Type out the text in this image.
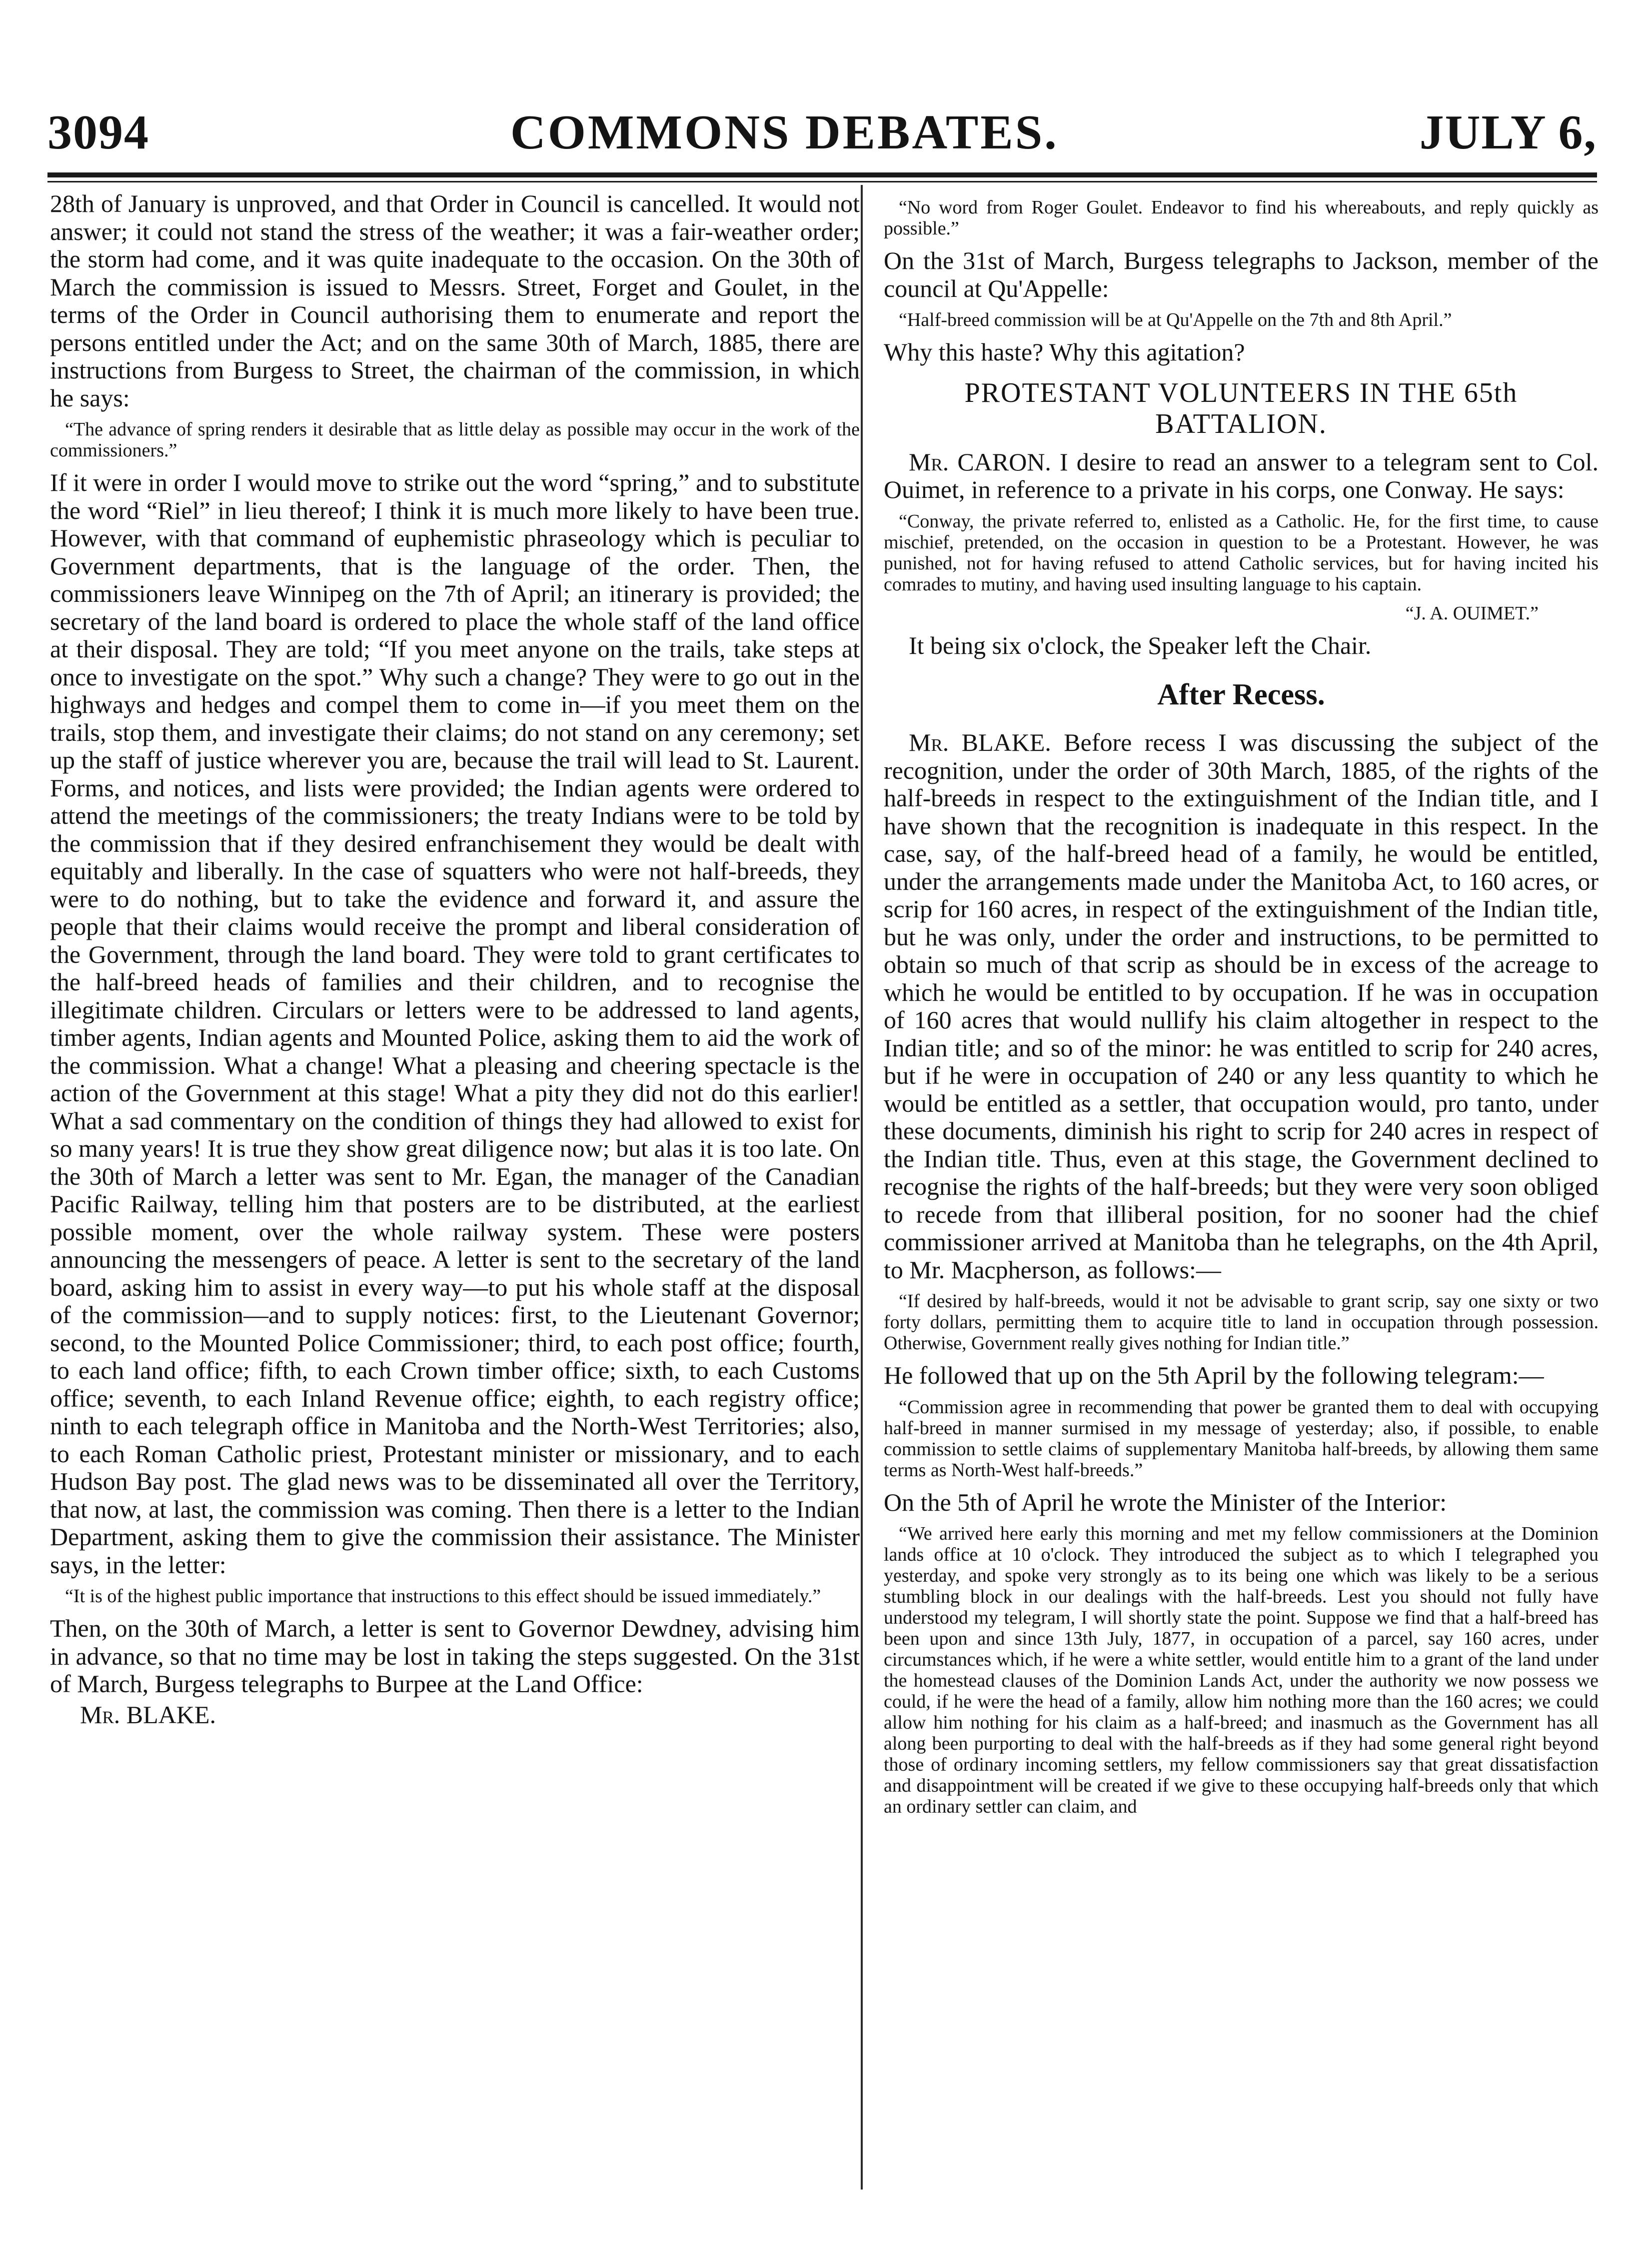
3094	COMMONS DEBATES.	JULY 6,

28th of January is unproved, and that Order in Council is cancelled. It would not answer; it could not stand the stress of the weather; it was a fair-weather order; the storm had come, and it was quite inadequate to the occasion. On the 30th of March the commission is issued to Messrs. Street, Forget and Goulet, in the terms of the Order in Council authorising them to enumerate and report the persons entitled under the Act; and on the same 30th of March, 1885, there are instructions from Burgess to Street, the chairman of the commission, in which he says:

“The advance of spring renders it desirable that as little delay as possible may occur in the work of the commissioners.”

If it were in order I would move to strike out the word “spring,” and to substitute the word “Riel” in lieu thereof; I think it is much more likely to have been true. However, with that command of euphemistic phraseology which is peculiar to Government departments, that is the language of the order. Then, the commissioners leave Winnipeg on the 7th of April; an itinerary is provided; the secretary of the land board is ordered to place the whole staff of the land office at their disposal. They are told; “If you meet anyone on the trails, take steps at once to investigate on the spot.” Why such a change? They were to go out in the highways and hedges and compel them to come in—if you meet them on the trails, stop them, and investigate their claims; do not stand on any ceremony; set up the staff of justice wherever you are, because the trail will lead to St. Laurent. Forms, and notices, and lists were provided; the Indian agents were ordered to attend the meetings of the commissioners; the treaty Indians were to be told by the commission that if they desired enfranchisement they would be dealt with equitably and liberally. In the case of squatters who were not half-breeds, they were to do nothing, but to take the evidence and forward it, and assure the people that their claims would receive the prompt and liberal consideration of the Government, through the land board. They were told to grant certificates to the half-breed heads of families and their children, and to recognise the illegitimate children. Circulars or letters were to be addressed to land agents, timber agents, Indian agents and Mounted Police, asking them to aid the work of the commission. What a change! What a pleasing and cheering spectacle is the action of the Government at this stage! What a pity they did not do this earlier! What a sad commentary on the condition of things they had allowed to exist for so many years! It is true they show great diligence now; but alas it is too late. On the 30th of March a letter was sent to Mr. Egan, the manager of the Canadian Pacific Railway, telling him that posters are to be distributed, at the earliest possible moment, over the whole railway system. These were posters announcing the messengers of peace. A letter is sent to the secretary of the land board, asking him to assist in every way—to put his whole staff at the disposal of the commission—and to supply notices: first, to the Lieutenant Governor; second, to the Mounted Police Commissioner; third, to each post office; fourth, to each land office; fifth, to each Crown timber office; sixth, to each Customs office; seventh, to each Inland Revenue office; eighth, to each registry office; ninth to each telegraph office in Manitoba and the North-West Territories; also, to each Roman Catholic priest, Protestant minister or missionary, and to each Hudson Bay post. The glad news was to be disseminated all over the Territory, that now, at last, the commission was coming. Then there is a letter to the Indian Department, asking them to give the commission their assistance. The Minister says, in the letter:

“It is of the highest public importance that instructions to this effect should be issued immediately.”

Then, on the 30th of March, a letter is sent to Governor Dewdney, advising him in advance, so that no time may be lost in taking the steps suggested. On the 31st of March, Burgess telegraphs to Burpee at the Land Office:

Mr. BLAKE.

“No word from Roger Goulet. Endeavor to find his whereabouts, and reply quickly as possible.”

On the 31st of March, Burgess telegraphs to Jackson, member of the council at Qu'Appelle:

“Half-breed commission will be at Qu'Appelle on the 7th and 8th April.”

Why this haste? Why this agitation?

PROTESTANT VOLUNTEERS IN THE 65th BATTALION.

Mr. CARON. I desire to read an answer to a telegram sent to Col. Ouimet, in reference to a private in his corps, one Conway. He says:

“Conway, the private referred to, enlisted as a Catholic. He, for the first time, to cause mischief, pretended, on the occasion in question to be a Protestant. However, he was punished, not for having refused to attend Catholic services, but for having incited his comrades to mutiny, and having used insulting language to his captain.

“J. A. OUIMET.”

It being six o'clock, the Speaker left the Chair.

After Recess.

Mr. BLAKE. Before recess I was discussing the subject of the recognition, under the order of 30th March, 1885, of the rights of the half-breeds in respect to the extinguishment of the Indian title, and I have shown that the recognition is inadequate in this respect. In the case, say, of the half-breed head of a family, he would be entitled, under the arrangements made under the Manitoba Act, to 160 acres, or scrip for 160 acres, in respect of the extinguishment of the Indian title, but he was only, under the order and instructions, to be permitted to obtain so much of that scrip as should be in excess of the acreage to which he would be entitled to by occupation. If he was in occupation of 160 acres that would nullify his claim altogether in respect to the Indian title; and so of the minor: he was entitled to scrip for 240 acres, but if he were in occupation of 240 or any less quantity to which he would be entitled as a settler, that occupation would, pro tanto, under these documents, diminish his right to scrip for 240 acres in respect of the Indian title. Thus, even at this stage, the Government declined to recognise the rights of the half-breeds; but they were very soon obliged to recede from that illiberal position, for no sooner had the chief commissioner arrived at Manitoba than he telegraphs, on the 4th April, to Mr. Macpherson, as follows:—

“If desired by half-breeds, would it not be advisable to grant scrip, say one sixty or two forty dollars, permitting them to acquire title to land in occupation through possession. Otherwise, Government really gives nothing for Indian title.”

He followed that up on the 5th April by the following telegram:—

“Commission agree in recommending that power be granted them to deal with occupying half-breed in manner surmised in my message of yesterday; also, if possible, to enable commission to settle claims of supplementary Manitoba half-breeds, by allowing them same terms as North-West half-breeds.”

On the 5th of April he wrote the Minister of the Interior:

“We arrived here early this morning and met my fellow commissioners at the Dominion lands office at 10 o'clock. They introduced the subject as to which I telegraphed you yesterday, and spoke very strongly as to its being one which was likely to be a serious stumbling block in our dealings with the half-breeds. Lest you should not fully have understood my telegram, I will shortly state the point. Suppose we find that a half-breed has been upon and since 13th July, 1877, in occupation of a parcel, say 160 acres, under circumstances which, if he were a white settler, would entitle him to a grant of the land under the homestead clauses of the Dominion Lands Act, under the authority we now possess we could, if he were the head of a family, allow him nothing more than the 160 acres; we could allow him nothing for his claim as a half-breed; and inasmuch as the Government has all along been purporting to deal with the half-breeds as if they had some general right beyond those of ordinary incoming settlers, my fellow commissioners say that great dissatisfaction and disappointment will be created if we give to these occupying half-breeds only that which an ordinary settler can claim, and
